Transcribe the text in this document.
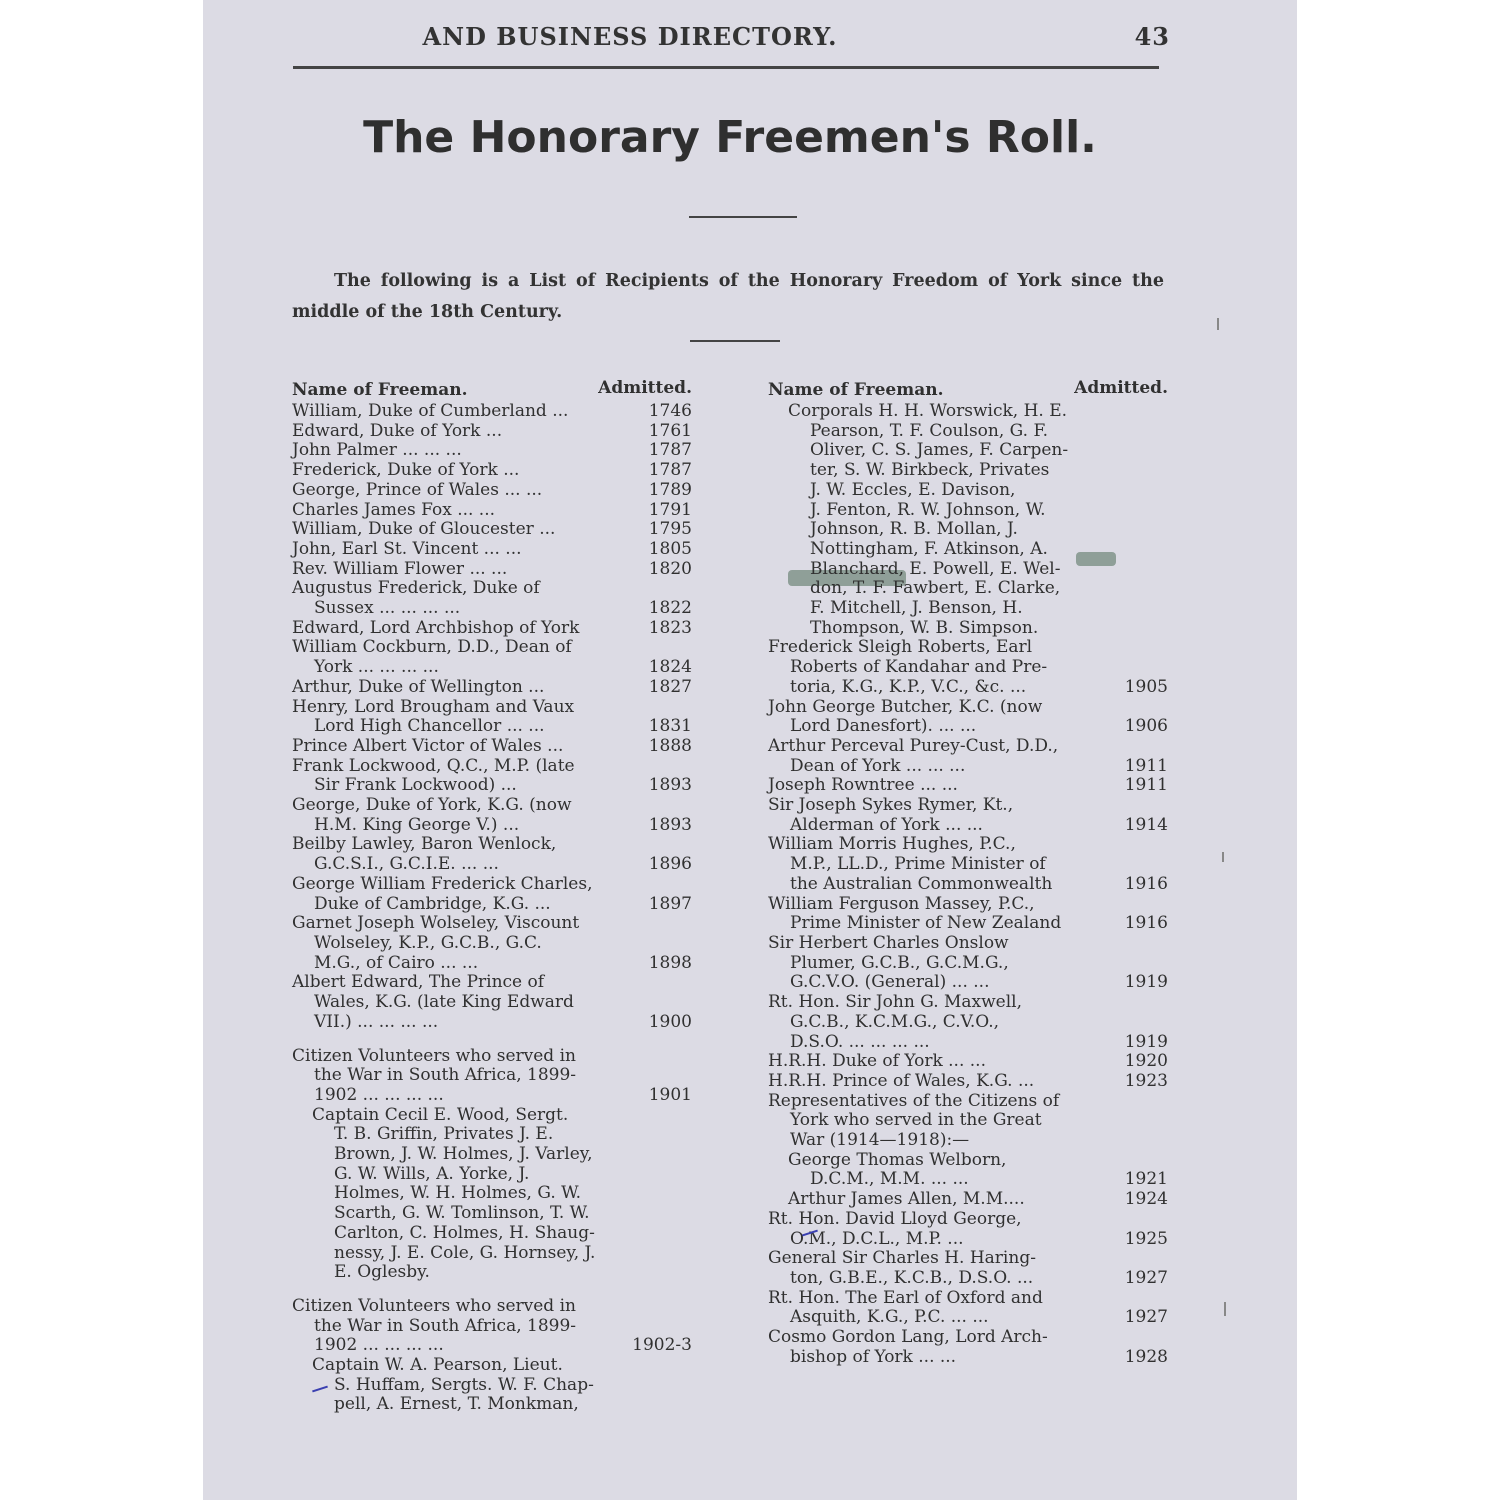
AND BUSINESS DIRECTORY.	43
The Honorary Freemen's Roll.
The following is a List of Recipients of the Honorary Freedom of York since the middle of the 18th Century.
Name of Freeman.	Admitted.
William, Duke of Cumberland ...	1746
Edward, Duke of York ...	1761
John Palmer ... ... ...	1787
Frederick, Duke of York ...	1787
George, Prince of Wales ... ...	1789
Charles James Fox ... ...	1791
William, Duke of Gloucester ...	1795
John, Earl St. Vincent ... ...	1805
Rev. William Flower ... ...	1820
Augustus Frederick, Duke of
Sussex ... ... ... ...	1822
Edward, Lord Archbishop of York	1823
William Cockburn, D.D., Dean of
York ... ... ... ...	1824
Arthur, Duke of Wellington ...	1827
Henry, Lord Brougham and Vaux
Lord High Chancellor ... ...	1831
Prince Albert Victor of Wales ...	1888
Frank Lockwood, Q.C., M.P. (late
Sir Frank Lockwood) ...	1893
George, Duke of York, K.G. (now
H.M. King George V.) ...	1893
Beilby Lawley, Baron Wenlock,
G.C.S.I., G.C.I.E. ... ...	1896
George William Frederick Charles,
Duke of Cambridge, K.G. ...	1897
Garnet Joseph Wolseley, Viscount
Wolseley, K.P., G.C.B., G.C.
M.G., of Cairo ... ...	1898
Albert Edward, The Prince of
Wales, K.G. (late King Edward
VII.) ... ... ... ...	1900
Citizen Volunteers who served in
the War in South Africa, 1899-
1902 ... ... ... ...	1901
Captain Cecil E. Wood, Sergt.
T. B. Griffin, Privates J. E.
Brown, J. W. Holmes, J. Varley,
G. W. Wills, A. Yorke, J.
Holmes, W. H. Holmes, G. W.
Scarth, G. W. Tomlinson, T. W.
Carlton, C. Holmes, H. Shaug-
nessy, J. E. Cole, G. Hornsey, J.
E. Oglesby.
Citizen Volunteers who served in
the War in South Africa, 1899-
1902 ... ... ... ...	1902-3
Captain W. A. Pearson, Lieut.
S. Huffam, Sergts. W. F. Chap-
pell, A. Ernest, T. Monkman,
Name of Freeman.	Admitted.
Corporals H. H. Worswick, H. E.
Pearson, T. F. Coulson, G. F.
Oliver, C. S. James, F. Carpen-
ter, S. W. Birkbeck, Privates
J. W. Eccles, E. Davison,
J. Fenton, R. W. Johnson, W.
Johnson, R. B. Mollan, J.
Nottingham, F. Atkinson, A.
Blanchard, E. Powell, E. Wel-
don, T. F. Fawbert, E. Clarke,
F. Mitchell, J. Benson, H.
Thompson, W. B. Simpson.
Frederick Sleigh Roberts, Earl
Roberts of Kandahar and Pre-
toria, K.G., K.P., V.C., &c. ...	1905
John George Butcher, K.C. (now
Lord Danesfort). ... ...	1906
Arthur Perceval Purey-Cust, D.D.,
Dean of York ... ... ...	1911
Joseph Rowntree ... ...	1911
Sir Joseph Sykes Rymer, Kt.,
Alderman of York ... ...	1914
William Morris Hughes, P.C.,
M.P., LL.D., Prime Minister of
the Australian Commonwealth	1916
William Ferguson Massey, P.C.,
Prime Minister of New Zealand	1916
Sir Herbert Charles Onslow
Plumer, G.C.B., G.C.M.G.,
G.C.V.O. (General) ... ...	1919
Rt. Hon. Sir John G. Maxwell,
G.C.B., K.C.M.G., C.V.O.,
D.S.O. ... ... ... ...	1919
H.R.H. Duke of York ... ...	1920
H.R.H. Prince of Wales, K.G. ...	1923
Representatives of the Citizens of
York who served in the Great
War (1914—1918):—
George Thomas Welborn,
D.C.M., M.M. ... ...	1921
Arthur James Allen, M.M....	1924
Rt. Hon. David Lloyd George,
O.M., D.C.L., M.P. ...	1925
General Sir Charles H. Haring-
ton, G.B.E., K.C.B., D.S.O. ...	1927
Rt. Hon. The Earl of Oxford and
Asquith, K.G., P.C. ... ...	1927
Cosmo Gordon Lang, Lord Arch-
bishop of York ... ...	1928
